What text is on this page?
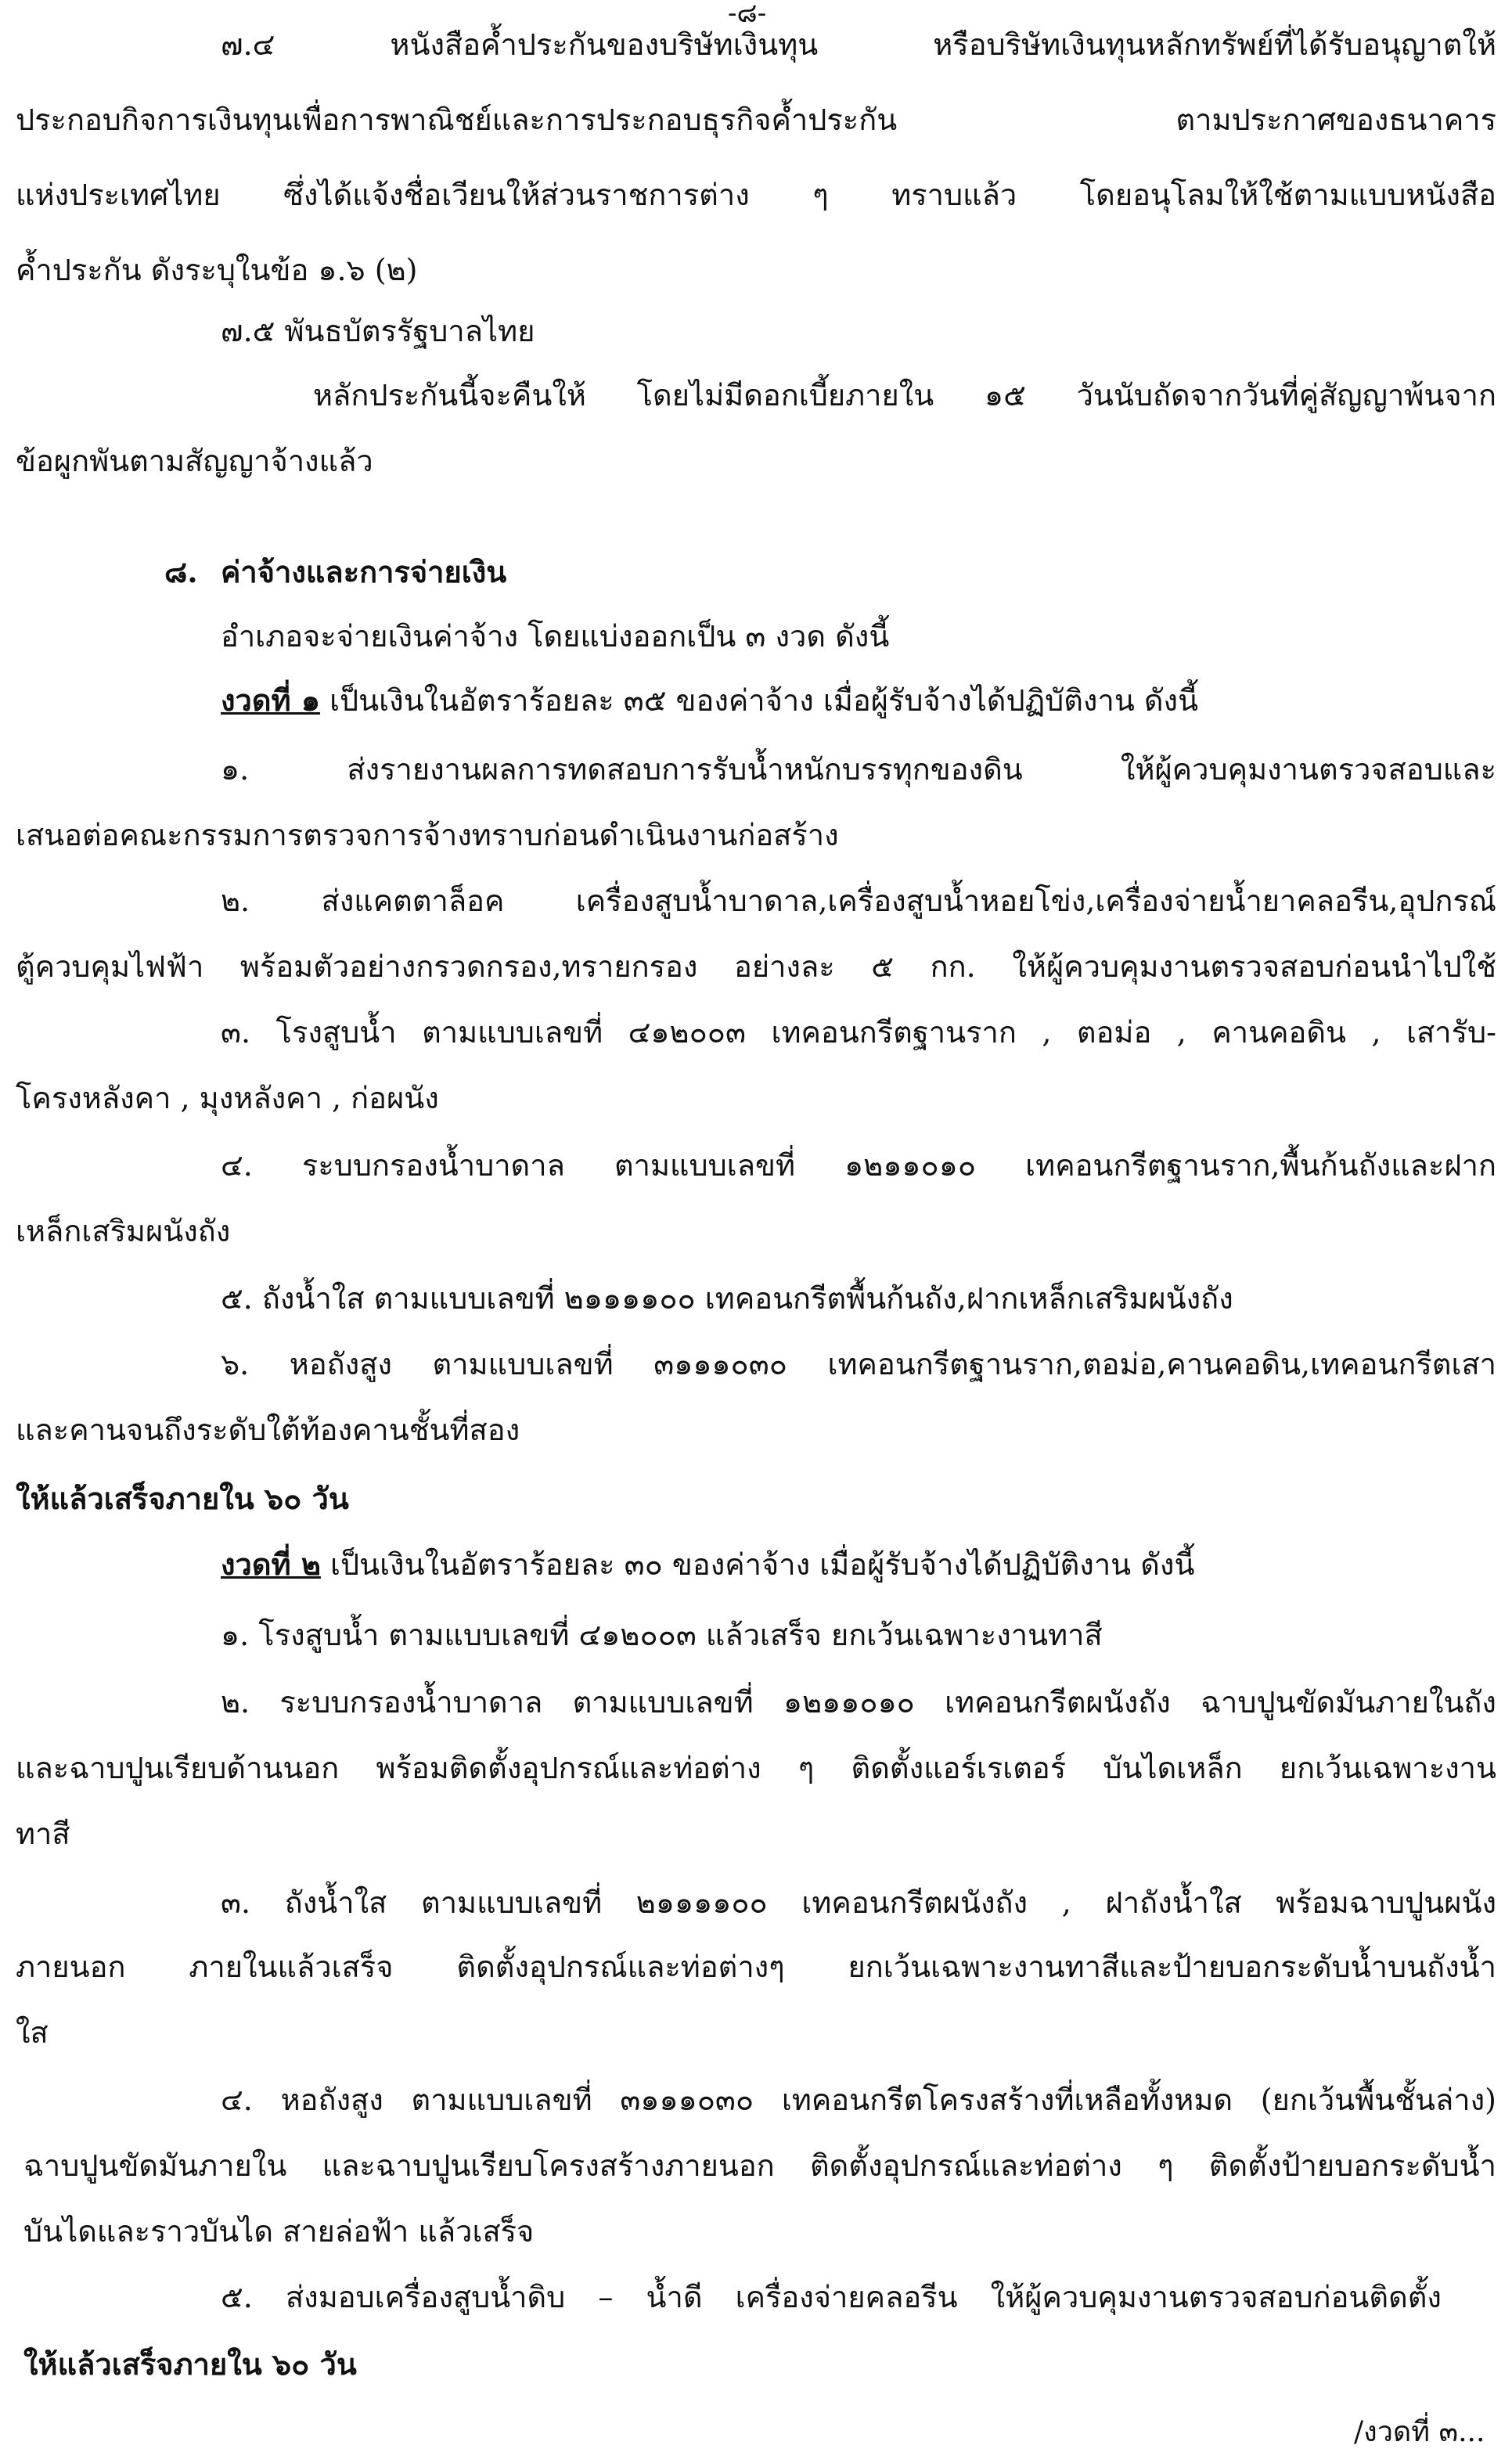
-๘-
๗.๔ หนังสือค้ำประกันของบริษัทเงินทุน หรือบริษัทเงินทุนหลักทรัพย์ที่ได้รับอนุญาตให้
ประกอบกิจการเงินทุนเพื่อการพาณิชย์และการประกอบธุรกิจค้ำประกัน ตามประกาศของธนาคาร
แห่งประเทศไทย ซึ่งได้แจ้งชื่อเวียนให้ส่วนราชการต่าง ๆ ทราบแล้ว โดยอนุโลมให้ใช้ตามแบบหนังสือ
ค้ำประกัน ดังระบุในข้อ ๑.๖ (๒)
๗.๕ พันธบัตรรัฐบาลไทย
หลักประกันนี้จะคืนให้ โดยไม่มีดอกเบี้ยภายใน ๑๕ วันนับถัดจากวันที่คู่สัญญาพ้นจาก
ข้อผูกพันตามสัญญาจ้างแล้ว
๘. ค่าจ้างและการจ่ายเงิน
อำเภอจะจ่ายเงินค่าจ้าง โดยแบ่งออกเป็น ๓ งวด ดังนี้
งวดที่ ๑ เป็นเงินในอัตราร้อยละ ๓๕ ของค่าจ้าง เมื่อผู้รับจ้างได้ปฏิบัติงาน ดังนี้
๑. ส่งรายงานผลการทดสอบการรับน้ำหนักบรรทุกของดิน ให้ผู้ควบคุมงานตรวจสอบและ
เสนอต่อคณะกรรมการตรวจการจ้างทราบก่อนดำเนินงานก่อสร้าง
๒. ส่งแคตตาล็อค เครื่องสูบน้ำบาดาล,เครื่องสูบน้ำหอยโข่ง,เครื่องจ่ายน้ำยาคลอรีน,อุปกรณ์
ตู้ควบคุมไฟฟ้า พร้อมตัวอย่างกรวดกรอง,ทรายกรอง อย่างละ ๕ กก. ให้ผู้ควบคุมงานตรวจสอบก่อนนำไปใช้
๓. โรงสูบน้ำ ตามแบบเลขที่ ๔๑๒๐๐๓ เทคอนกรีตฐานราก , ตอม่อ , คานคอดิน , เสารับ-
โครงหลังคา , มุงหลังคา , ก่อผนัง
๔. ระบบกรองน้ำบาดาล ตามแบบเลขที่ ๑๒๑๑๐๑๐ เทคอนกรีตฐานราก,พื้นก้นถังและฝาก
เหล็กเสริมผนังถัง
๕. ถังน้ำใส ตามแบบเลขที่ ๒๑๑๑๑๐๐ เทคอนกรีตพื้นก้นถัง,ฝากเหล็กเสริมผนังถัง
๖. หอถังสูง ตามแบบเลขที่ ๓๑๑๑๐๓๐ เทคอนกรีตฐานราก,ตอม่อ,คานคอดิน,เทคอนกรีตเสา
และคานจนถึงระดับใต้ท้องคานชั้นที่สอง
ให้แล้วเสร็จภายใน ๖๐ วัน
งวดที่ ๒ เป็นเงินในอัตราร้อยละ ๓๐ ของค่าจ้าง เมื่อผู้รับจ้างได้ปฏิบัติงาน ดังนี้
๑. โรงสูบน้ำ ตามแบบเลขที่ ๔๑๒๐๐๓ แล้วเสร็จ ยกเว้นเฉพาะงานทาสี
๒. ระบบกรองน้ำบาดาล ตามแบบเลขที่ ๑๒๑๑๐๑๐ เทคอนกรีตผนังถัง ฉาบปูนขัดมันภายในถัง
และฉาบปูนเรียบด้านนอก พร้อมติดตั้งอุปกรณ์และท่อต่าง ๆ ติดตั้งแอร์เรเตอร์ บันไดเหล็ก ยกเว้นเฉพาะงาน
ทาสี
๓. ถังน้ำใส ตามแบบเลขที่ ๒๑๑๑๑๐๐ เทคอนกรีตผนังถัง , ฝาถังน้ำใส พร้อมฉาบปูนผนัง
ภายนอก ภายในแล้วเสร็จ ติดตั้งอุปกรณ์และท่อต่างๆ ยกเว้นเฉพาะงานทาสีและป้ายบอกระดับน้ำบนถังน้ำ
ใส
๔. หอถังสูง ตามแบบเลขที่ ๓๑๑๑๐๓๐ เทคอนกรีตโครงสร้างที่เหลือทั้งหมด (ยกเว้นพื้นชั้นล่าง)
ฉาบปูนขัดมันภายใน และฉาบปูนเรียบโครงสร้างภายนอก ติดตั้งอุปกรณ์และท่อต่าง ๆ ติดตั้งป้ายบอกระดับน้ำ
บันไดและราวบันได สายล่อฟ้า แล้วเสร็จ
๕. ส่งมอบเครื่องสูบน้ำดิบ – น้ำดี เครื่องจ่ายคลอรีน ให้ผู้ควบคุมงานตรวจสอบก่อนติดตั้ง
ให้แล้วเสร็จภายใน ๖๐ วัน
/งวดที่ ๓...
